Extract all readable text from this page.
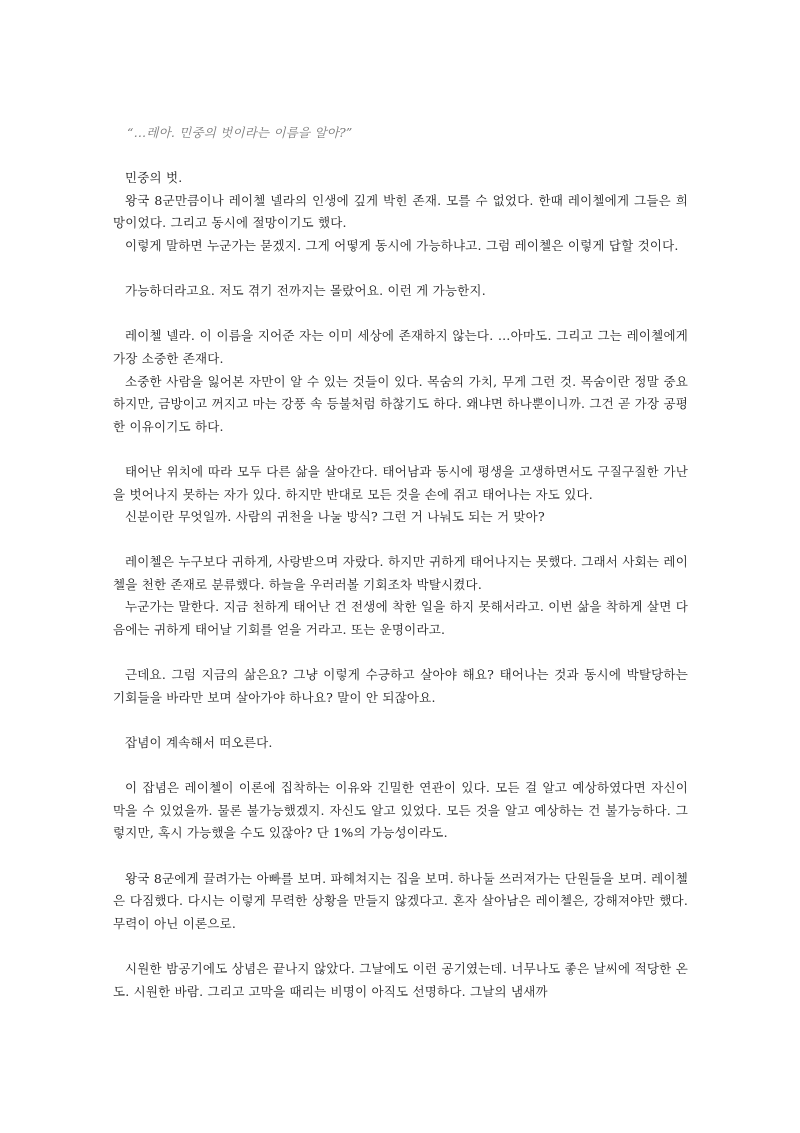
“…레아. 민중의 벗이라는 이름을 알아?”

민중의 벗.

왕국 8군만큼이나 레이첼 넬라의 인생에 깊게 박힌 존재. 모를 수 없었다. 한때 레이첼에게 그들은 희망이었다. 그리고 동시에 절망이기도 했다.

이렇게 말하면 누군가는 묻겠지. 그게 어떻게 동시에 가능하냐고. 그럼 레이첼은 이렇게 답할 것이다.

가능하더라고요. 저도 겪기 전까지는 몰랐어요. 이런 게 가능한지.

레이첼 넬라. 이 이름을 지어준 자는 이미 세상에 존재하지 않는다. …아마도. 그리고 그는 레이첼에게 가장 소중한 존재다.

소중한 사람을 잃어본 자만이 알 수 있는 것들이 있다. 목숨의 가치, 무게 그런 것. 목숨이란 정말 중요하지만, 금방이고 꺼지고 마는 강풍 속 등불처럼 하찮기도 하다. 왜냐면 하나뿐이니까. 그건 곧 가장 공평한 이유이기도 하다.

태어난 위치에 따라 모두 다른 삶을 살아간다. 태어남과 동시에 평생을 고생하면서도 구질구질한 가난을 벗어나지 못하는 자가 있다. 하지만 반대로 모든 것을 손에 쥐고 태어나는 자도 있다.

신분이란 무엇일까. 사람의 귀천을 나눌 방식? 그런 거 나눠도 되는 거 맞아?

레이첼은 누구보다 귀하게, 사랑받으며 자랐다. 하지만 귀하게 태어나지는 못했다. 그래서 사회는 레이첼을 천한 존재로 분류했다. 하늘을 우러러볼 기회조차 박탈시켰다.

누군가는 말한다. 지금 천하게 태어난 건 전생에 착한 일을 하지 못해서라고. 이번 삶을 착하게 살면 다음에는 귀하게 태어날 기회를 얻을 거라고. 또는 운명이라고.

근데요. 그럼 지금의 삶은요? 그냥 이렇게 수긍하고 살아야 해요? 태어나는 것과 동시에 박탈당하는 기회들을 바라만 보며 살아가야 하나요? 말이 안 되잖아요.

잡념이 계속해서 떠오른다.

이 잡념은 레이첼이 이론에 집착하는 이유와 긴밀한 연관이 있다. 모든 걸 알고 예상하였다면 자신이 막을 수 있었을까. 물론 불가능했겠지. 자신도 알고 있었다. 모든 것을 알고 예상하는 건 불가능하다. 그렇지만, 혹시 가능했을 수도 있잖아? 단 1%의 가능성이라도.

왕국 8군에게 끌려가는 아빠를 보며. 파헤쳐지는 집을 보며. 하나둘 쓰러져가는 단원들을 보며. 레이첼은 다짐했다. 다시는 이렇게 무력한 상황을 만들지 않겠다고. 혼자 살아남은 레이첼은, 강해져야만 했다. 무력이 아닌 이론으로.

시원한 밤공기에도 상념은 끝나지 않았다. 그날에도 이런 공기였는데. 너무나도 좋은 날씨에 적당한 온도. 시원한 바람. 그리고 고막을 때리는 비명이 아직도 선명하다. 그날의 냄새까
